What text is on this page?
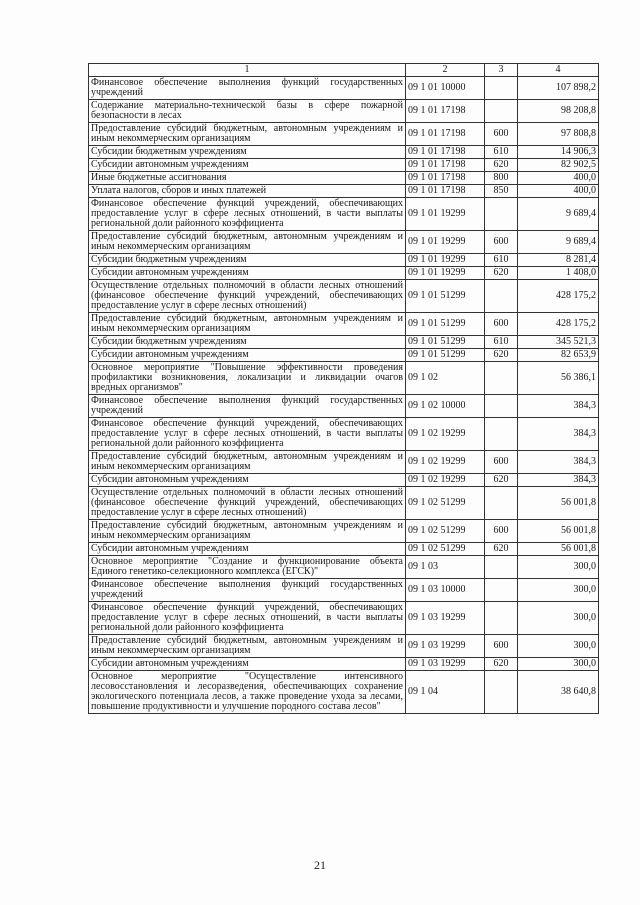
1	2	3	4
Финансовое обеспечение выполнения функций государственных учреждений	09 1 01 10000		107 898,2
Содержание материально-технической базы в сфере пожарной безопасности в лесах	09 1 01 17198		98 208,8
Предоставление субсидий бюджетным, автономным учреждениям и иным некоммерческим организациям	09 1 01 17198	600	97 808,8
Субсидии бюджетным учреждениям	09 1 01 17198	610	14 906,3
Субсидии автономным учреждениям	09 1 01 17198	620	82 902,5
Иные бюджетные ассигнования	09 1 01 17198	800	400,0
Уплата налогов, сборов и иных платежей	09 1 01 17198	850	400,0
Финансовое обеспечение функций учреждений, обеспечивающих предоставление услуг в сфере лесных отношений, в части выплаты региональной доли районного коэффициента	09 1 01 19299		9 689,4
Предоставление субсидий бюджетным, автономным учреждениям и иным некоммерческим организациям	09 1 01 19299	600	9 689,4
Субсидии бюджетным учреждениям	09 1 01 19299	610	8 281,4
Субсидии автономным учреждениям	09 1 01 19299	620	1 408,0
Осуществление отдельных полномочий в области лесных отношений (финансовое обеспечение функций учреждений, обеспечивающих предоставление услуг в сфере лесных отношений)	09 1 01 51299		428 175,2
Предоставление субсидий бюджетным, автономным учреждениям и иным некоммерческим организациям	09 1 01 51299	600	428 175,2
Субсидии бюджетным учреждениям	09 1 01 51299	610	345 521,3
Субсидии автономным учреждениям	09 1 01 51299	620	82 653,9
Основное мероприятие "Повышение эффективности проведения профилактики возникновения, локализации и ликвидации очагов вредных организмов"	09 1 02		56 386,1
Финансовое обеспечение выполнения функций государственных учреждений	09 1 02 10000		384,3
Финансовое обеспечение функций учреждений, обеспечивающих предоставление услуг в сфере лесных отношений, в части выплаты региональной доли районного коэффициента	09 1 02 19299		384,3
Предоставление субсидий бюджетным, автономным учреждениям и иным некоммерческим организациям	09 1 02 19299	600	384,3
Субсидии автономным учреждениям	09 1 02 19299	620	384,3
Осуществление отдельных полномочий в области лесных отношений (финансовое обеспечение функций учреждений, обеспечивающих предоставление услуг в сфере лесных отношений)	09 1 02 51299		56 001,8
Предоставление субсидий бюджетным, автономным учреждениям и иным некоммерческим организациям	09 1 02 51299	600	56 001,8
Субсидии автономным учреждениям	09 1 02 51299	620	56 001,8
Основное мероприятие "Создание и функционирование объекта Единого генетико-селекционного комплекса (ЕГСК)"	09 1 03		300,0
Финансовое обеспечение выполнения функций государственных учреждений	09 1 03 10000		300,0
Финансовое обеспечение функций учреждений, обеспечивающих предоставление услуг в сфере лесных отношений, в части выплаты региональной доли районного коэффициента	09 1 03 19299		300,0
Предоставление субсидий бюджетным, автономным учреждениям и иным некоммерческим организациям	09 1 03 19299	600	300,0
Субсидии автономным учреждениям	09 1 03 19299	620	300,0
Основное мероприятие "Осуществление интенсивного лесовосстановления и лесоразведения, обеспечивающих сохранение экологического потенциала лесов, а также проведение ухода за лесами, повышение продуктивности и улучшение породного состава лесов"	09 1 04		38 640,8
21
